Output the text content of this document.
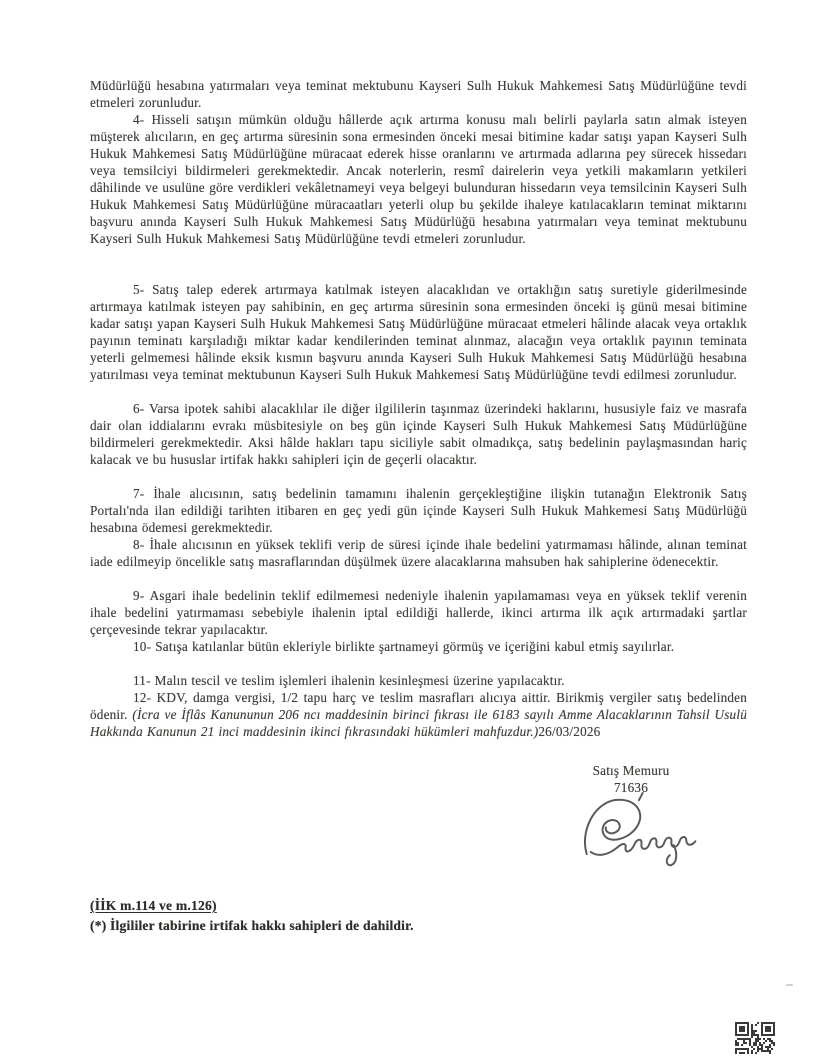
Müdürlüğü hesabına yatırmaları veya teminat mektubunu Kayseri Sulh Hukuk Mahkemesi Satış Müdürlüğüne tevdi etmeleri zorunludur.

4- Hisseli satışın mümkün olduğu hâllerde açık artırma konusu malı belirli paylarla satın almak isteyen müşterek alıcıların, en geç artırma süresinin sona ermesinden önceki mesai bitimine kadar satışı yapan Kayseri Sulh Hukuk Mahkemesi Satış Müdürlüğüne müracaat ederek hisse oranlarını ve artırmada adlarına pey sürecek hissedarı veya temsilciyi bildirmeleri gerekmektedir. Ancak noterlerin, resmî dairelerin veya yetkili makamların yetkileri dâhilinde ve usulüne göre verdikleri vekâletnameyi veya belgeyi bulunduran hissedarın veya temsilcinin Kayseri Sulh Hukuk Mahkemesi Satış Müdürlüğüne müracaatları yeterli olup bu şekilde ihaleye katılacakların teminat miktarını başvuru anında Kayseri Sulh Hukuk Mahkemesi Satış Müdürlüğü hesabına yatırmaları veya teminat mektubunu Kayseri Sulh Hukuk Mahkemesi Satış Müdürlüğüne tevdi etmeleri zorunludur.

5- Satış talep ederek artırmaya katılmak isteyen alacaklıdan ve ortaklığın satış suretiyle giderilmesinde artırmaya katılmak isteyen pay sahibinin, en geç artırma süresinin sona ermesinden önceki iş günü mesai bitimine kadar satışı yapan Kayseri Sulh Hukuk Mahkemesi Satış Müdürlüğüne müracaat etmeleri hâlinde alacak veya ortaklık payının teminatı karşıladığı miktar kadar kendilerinden teminat alınmaz, alacağın veya ortaklık payının teminata yeterli gelmemesi hâlinde eksik kısmın başvuru anında Kayseri Sulh Hukuk Mahkemesi Satış Müdürlüğü hesabına yatırılması veya teminat mektubunun Kayseri Sulh Hukuk Mahkemesi Satış Müdürlüğüne tevdi edilmesi zorunludur.

6- Varsa ipotek sahibi alacaklılar ile diğer ilgililerin taşınmaz üzerindeki haklarını, hususiyle faiz ve masrafa dair olan iddialarını evrakı müsbitesiyle on beş gün içinde Kayseri Sulh Hukuk Mahkemesi Satış Müdürlüğüne bildirmeleri gerekmektedir. Aksi hâlde hakları tapu siciliyle sabit olmadıkça, satış bedelinin paylaşmasından hariç kalacak ve bu hususlar irtifak hakkı sahipleri için de geçerli olacaktır.

7- İhale alıcısının, satış bedelinin tamamını ihalenin gerçekleştiğine ilişkin tutanağın Elektronik Satış Portalı'nda ilan edildiği tarihten itibaren en geç yedi gün içinde Kayseri Sulh Hukuk Mahkemesi Satış Müdürlüğü hesabına ödemesi gerekmektedir.

8- İhale alıcısının en yüksek teklifi verip de süresi içinde ihale bedelini yatırmaması hâlinde, alınan teminat iade edilmeyip öncelikle satış masraflarından düşülmek üzere alacaklarına mahsuben hak sahiplerine ödenecektir.

9- Asgari ihale bedelinin teklif edilmemesi nedeniyle ihalenin yapılamaması veya en yüksek teklif verenin ihale bedelini yatırmaması sebebiyle ihalenin iptal edildiği hallerde, ikinci artırma ilk açık artırmadaki şartlar çerçevesinde tekrar yapılacaktır.

10- Satışa katılanlar bütün ekleriyle birlikte şartnameyi görmüş ve içeriğini kabul etmiş sayılırlar.

11- Malın tescil ve teslim işlemleri ihalenin kesinleşmesi üzerine yapılacaktır.

12- KDV, damga vergisi, 1/2 tapu harç ve teslim masrafları alıcıya aittir. Birikmiş vergiler satış bedelinden ödenir. (İcra ve İflâs Kanununun 206 ncı maddesinin birinci fıkrası ile 6183 sayılı Amme Alacaklarının Tahsil Usulü Hakkında Kanunun 21 inci maddesinin ikinci fıkrasındaki hükümleri mahfuzdur.)26/03/2026

Satış Memuru
71636
(İİK m.114 ve m.126)
(*) İlgililer tabirine irtifak hakkı sahipleri de dahildir.
